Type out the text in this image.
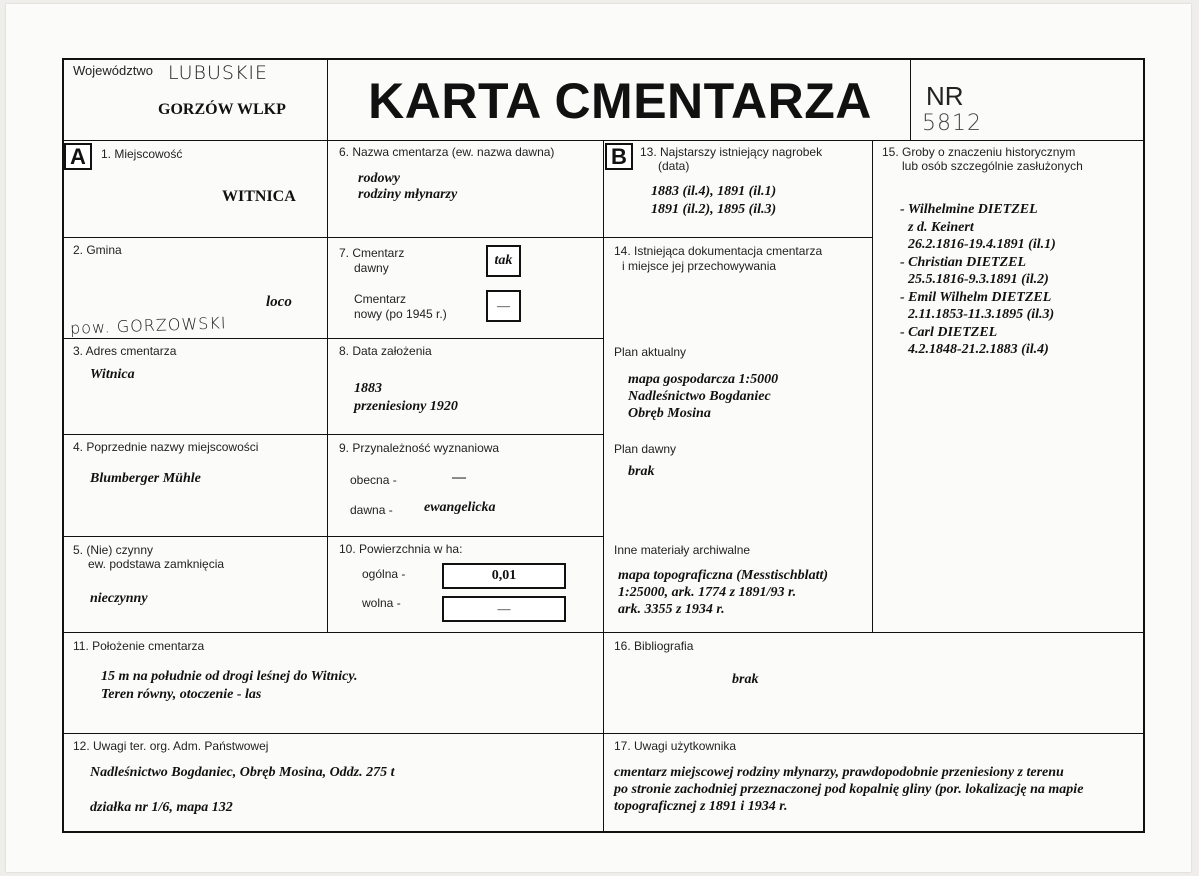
Województwo LUBUSKIE
GORZÓW WLKP	KARTA CMENTARZA	NR
5812
A	B
1. Miejscowość
WITNICA
2. Gmina
loco
pow. GORZOWSKI
3. Adres cmentarza
Witnica
4. Poprzednie nazwy miejscowości
Blumberger Mühle
5. (Nie) czynny
ew. podstawa zamknięcia
nieczynny
6. Nazwa cmentarza (ew. nazwa dawna)
rodowy
rodziny młynarzy
7. Cmentarz
dawny	tak
Cmentarz
nowy (po 1945 r.)
—
8. Data założenia
1883
przeniesiony 1920
9. Przynależność wyznaniowa
obecna -	—
dawna - ewangelicka
10. Powierzchnia w ha:
ogólna -	0,01
wolna -	—
11. Położenie cmentarza
15 m na południe od drogi leśnej do Witnicy.
Teren równy, otoczenie - las
12. Uwagi ter. org. Adm. Państwowej
Nadleśnictwo Bogdaniec, Obręb Mosina, Oddz. 275 t
działka nr 1/6, mapa 132
13. Najstarszy istniejący nagrobek
(data)
1883 (il.4), 1891 (il.1)
1891 (il.2), 1895 (il.3)
14. Istniejąca dokumentacja cmentarza
i miejsce jej przechowywania
Plan aktualny
mapa gospodarcza 1:5000
Nadleśnictwo Bogdaniec
Obręb Mosina
Plan dawny
brak
Inne materiały archiwalne
mapa topograficzna (Messtischblatt)
1:25000, ark. 1774 z 1891/93 r.
ark. 3355 z 1934 r.
15. Groby o znaczeniu historycznym
lub osób szczególnie zasłużonych
- Wilhelmine DIETZEL
z d. Keinert
26.2.1816-19.4.1891 (il.1)
- Christian DIETZEL
25.5.1816-9.3.1891 (il.2)
- Emil Wilhelm DIETZEL
2.11.1853-11.3.1895 (il.3)
- Carl DIETZEL
4.2.1848-21.2.1883 (il.4)
16. Bibliografia
brak
17. Uwagi użytkownika
cmentarz miejscowej rodziny młynarzy, prawdopodobnie przeniesiony z terenu
po stronie zachodniej przeznaczonej pod kopalnię gliny (por. lokalizację na mapie
topograficznej z 1891 i 1934 r.
